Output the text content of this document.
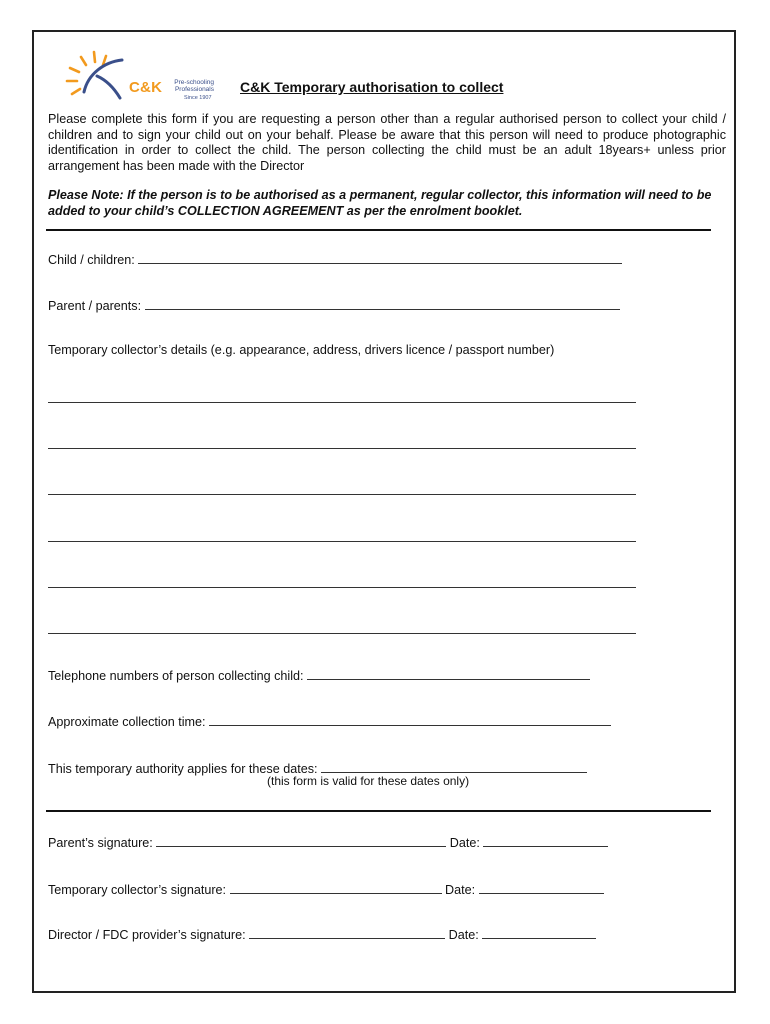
C&K	Pre-schooling
Professionals
Since 1907
C&K Temporary authorisation to collect
Please complete this form if you are requesting a person other than a regular authorised person to collect your child / children and to sign your child out on your behalf. Please be aware that this person will need to produce photographic identification in order to collect the child. The person collecting the child must be an adult 18years+ unless prior arrangement has been made with the Director
Please Note: If the person is to be authorised as a permanent, regular collector, this information will need to be added to your child’s COLLECTION AGREEMENT as per the enrolment booklet.
Child / children:
Parent / parents:
Temporary collector’s details (e.g. appearance, address, drivers licence / passport number)
Telephone numbers of person collecting child:
Approximate collection time:
This temporary authority applies for these dates:
(this form is valid for these dates only)
Parent’s signature:	Date:
Temporary collector’s signature:	Date:
Director / FDC provider’s signature:	Date:
